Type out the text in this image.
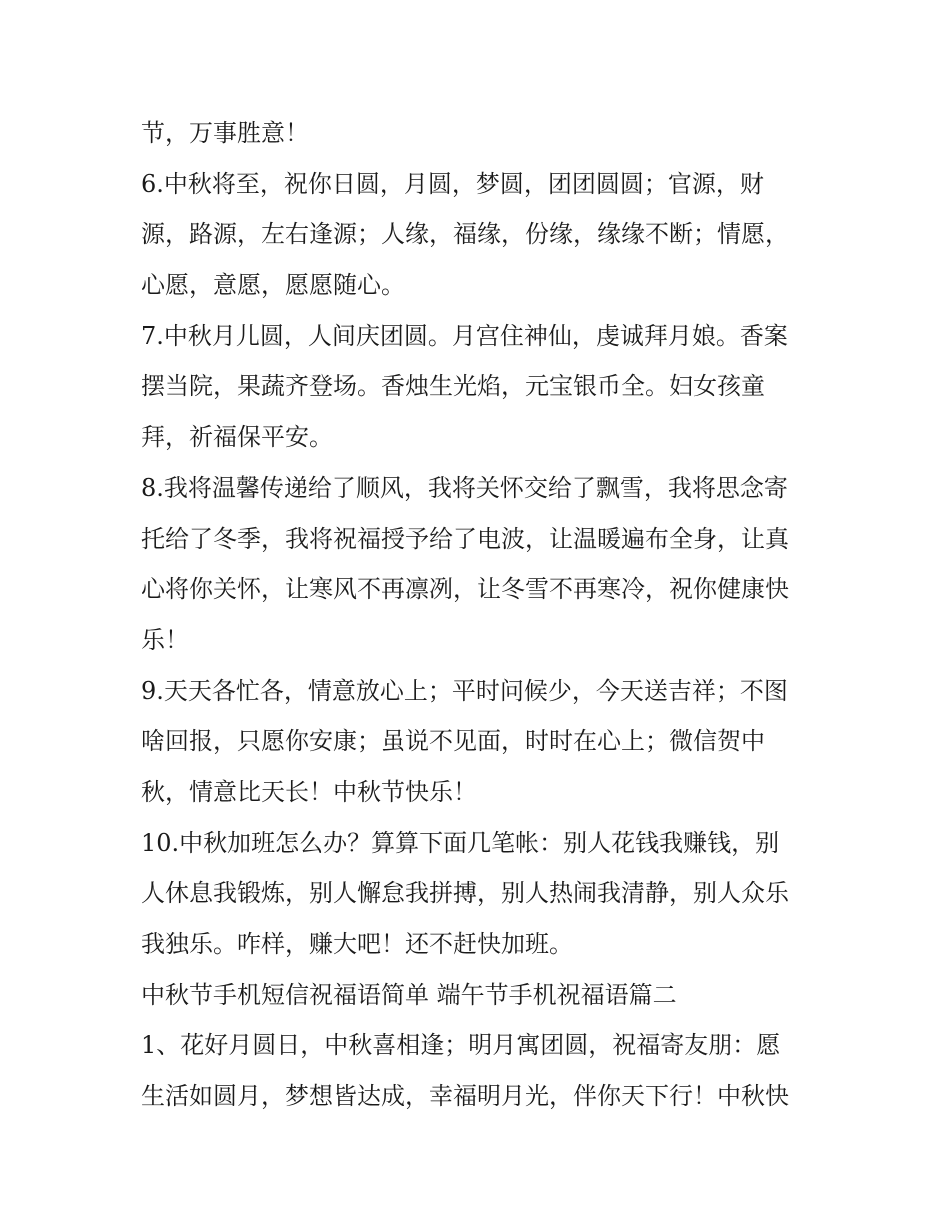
节，万事胜意！
6.中秋将至，祝你日圆，月圆，梦圆，团团圆圆；官源，财
源，路源，左右逢源；人缘，福缘，份缘，缘缘不断；情愿，
心愿，意愿，愿愿随心。
7.中秋月儿圆，人间庆团圆。月宫住神仙，虔诚拜月娘。香案
摆当院，果蔬齐登场。香烛生光焰，元宝银币全。妇女孩童
拜，祈福保平安。
8.我将温馨传递给了顺风，我将关怀交给了飘雪，我将思念寄
托给了冬季，我将祝福授予给了电波，让温暖遍布全身，让真
心将你关怀，让寒风不再凛冽，让冬雪不再寒冷，祝你健康快
乐！
9.天天各忙各，情意放心上；平时问候少，今天送吉祥；不图
啥回报，只愿你安康；虽说不见面，时时在心上；微信贺中
秋，情意比天长！中秋节快乐！
10.中秋加班怎么办？算算下面几笔帐：别人花钱我赚钱，别
人休息我锻炼，别人懈怠我拼搏，别人热闹我清静，别人众乐
我独乐。咋样，赚大吧！还不赶快加班。
中秋节手机短信祝福语简单 端午节手机祝福语篇二
1、花好月圆日，中秋喜相逢；明月寓团圆，祝福寄友朋：愿
生活如圆月，梦想皆达成，幸福明月光，伴你天下行！中秋快
